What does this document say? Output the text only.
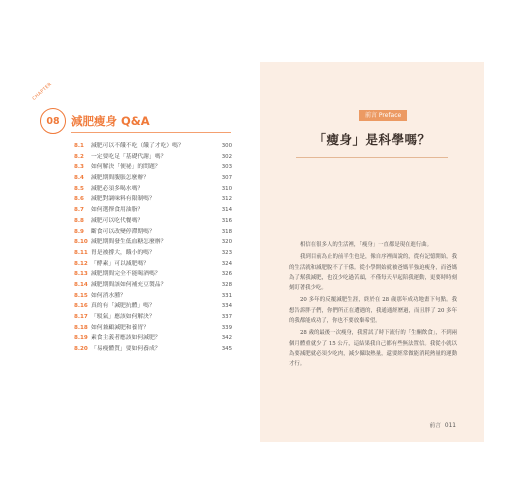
CHAPTER
08 減肥瘦身 Q&A
8.1	減肥可以不餓不吃（餓了才吃）嗎？	300
8.2	一定要吃足「基礎代謝」嗎？	302
8.3	如何解決「便祕」的問題？	303
8.4	減肥期間腹脹怎麼辦？	307
8.5	減肥必須多喝水嗎？	310
8.6	減肥對調味料有限制嗎？	312
8.7	如何選擇食用油脂？	314
8.8	減肥可以吃代餐嗎？	316
8.9	斷食可以改變停滯期嗎？	318
8.10 減肥期間發生低血糖怎麼辦？	320
8.11 胃是被撐大，餓小的嗎？	323
8.12 「酵素」可以減肥嗎？	324
8.13 減肥期間完全不能喝酒嗎？	326
8.14 減肥期間該如何補充豆製品？	328
8.15 如何消水腫？	331
8.16 真的有「減肥抗體」嗎？	334
8.17 「駁氣」應該如何解決？	337
8.18 如何兼顧減肥和養胃？	339
8.19 素食主義者應該如何減肥？	342
8.20 「易瘦體質」要如何養成？	345
前言 Preface
「瘦身」是科學嗎？

相信在很多人的生活裡，「瘦身」一直都是現在進行曲。

我到目前為止的前半生也是，像自序裡面說的，從有記憶開始，我的生活就和減肥脫不了干係。從小學開始就被爸媽半強迫瘦身，而爸媽為了幫我減肥，也沒少吃過苦頭，不僅每天早起陪我運動，更要時時刻刻盯著我少吃。

20 多年的反覆減肥生涯，終於在 28 歲那年成功地畫下句點。我想告訴胖子們，你們所正在遭遇的，我通通經歷過，而且胖了 20 多年的我都能成功了，你也不要放棄希望。

28 歲的最後一次瘦身，我嘗試了時下流行的「生酮飲食」，不到兩個月體重就少了 15 公斤，這結果我自己都有些無法置信。我從小就以為要減肥就必須少吃肉，減少攝取熱量，還要經常做能消耗熱量的運動才行。

前言 011
